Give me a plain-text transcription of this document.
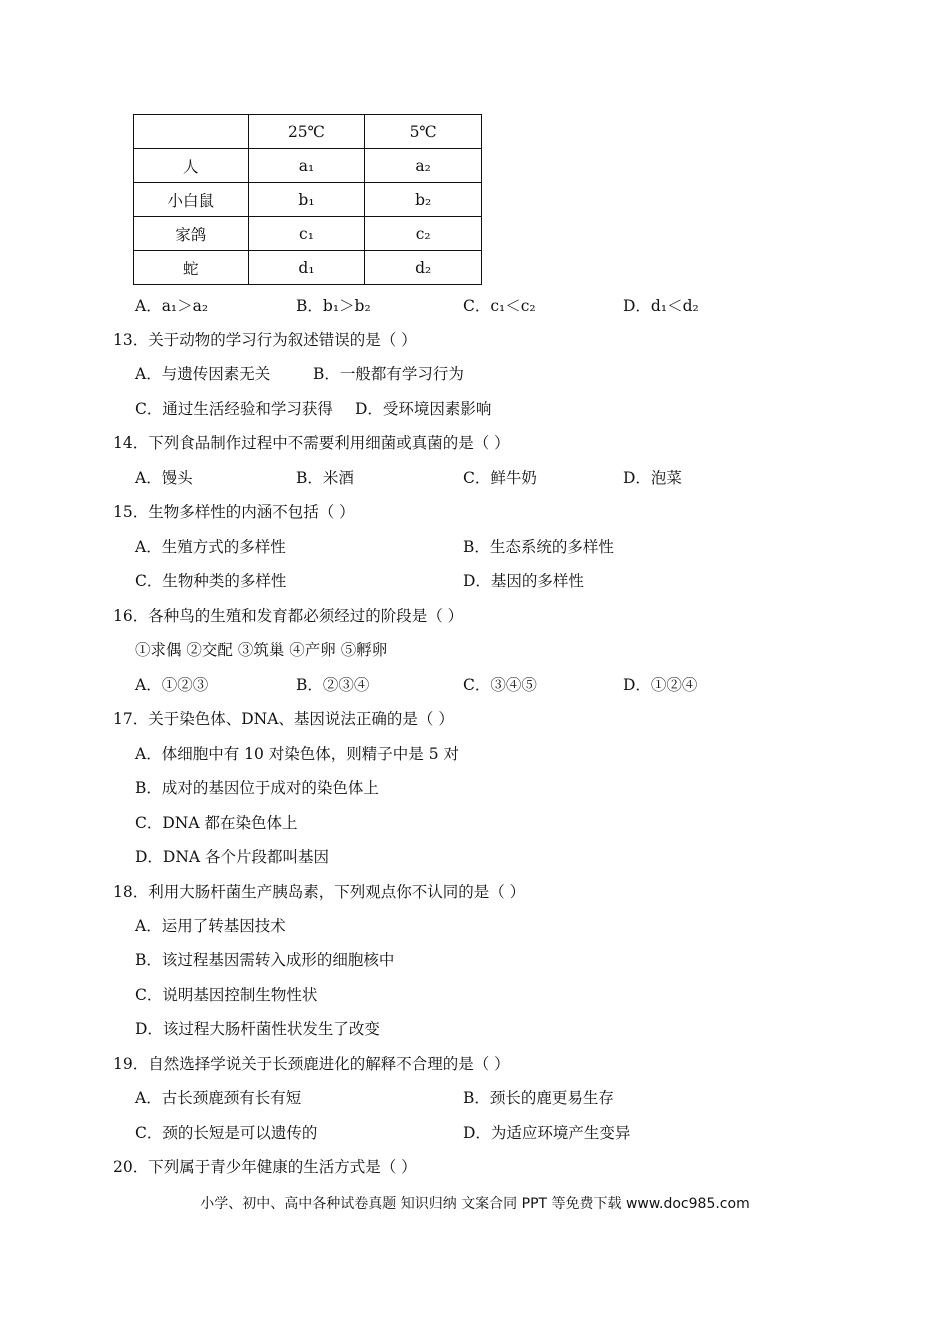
	25℃	5℃
人	a₁	a₂
小白鼠	b₁	b₂
家鸽	c₁	c₂
蛇	d₁	d₂
A．a₁＞a₂	B．b₁＞b₂	C．c₁＜c₂	D．d₁＜d₂
13．关于动物的学习行为叙述错误的是（ ）
A．与遗传因素无关	B．一般都有学习行为
C．通过生活经验和学习获得 D．受环境因素影响
14．下列食品制作过程中不需要利用细菌或真菌的是（ ）
A．馒头	B．米酒	C．鲜牛奶	D．泡菜
15．生物多样性的内涵不包括（ ）
A．生殖方式的多样性	B．生态系统的多样性
C．生物种类的多样性	D．基因的多样性
16．各种鸟的生殖和发育都必须经过的阶段是（ ）
①求偶 ②交配 ③筑巢 ④产卵 ⑤孵卵
A．①②③	B．②③④	C．③④⑤	D．①②④
17．关于染色体、DNA、基因说法正确的是（ ）
A．体细胞中有 10 对染色体，则精子中是 5 对
B．成对的基因位于成对的染色体上
C．DNA 都在染色体上
D．DNA 各个片段都叫基因
18．利用大肠杆菌生产胰岛素，下列观点你不认同的是（ ）
A．运用了转基因技术
B．该过程基因需转入成形的细胞核中
C．说明基因控制生物性状
D．该过程大肠杆菌性状发生了改变
19．自然选择学说关于长颈鹿进化的解释不合理的是（ ）
A．古长颈鹿颈有长有短	B．颈长的鹿更易生存
C．颈的长短是可以遗传的	D．为适应环境产生变异
20．下列属于青少年健康的生活方式是（ ）
小学、初中、高中各种试卷真题 知识归纳 文案合同 PPT 等免费下载 www.doc985.com
